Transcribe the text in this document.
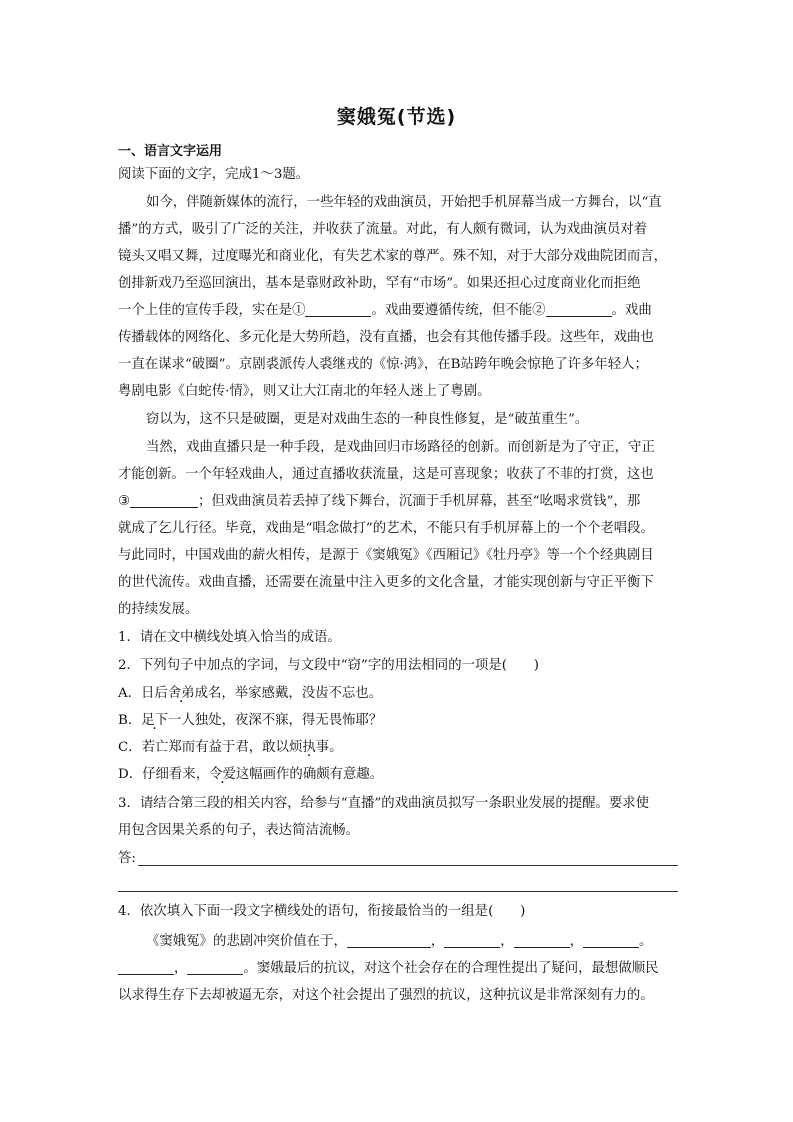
窦娥冤(节选)
一、语言文字运用
阅读下面的文字，完成1～3题。
如今，伴随新媒体的流行，一些年轻的戏曲演员，开始把手机屏幕当成一方舞台，以“直
播”的方式，吸引了广泛的关注，并收获了流量。对此，有人颇有微词，认为戏曲演员对着
镜头又唱又舞，过度曝光和商业化，有失艺术家的尊严。殊不知，对于大部分戏曲院团而言，
创排新戏乃至巡回演出，基本是靠财政补助，罕有“市场”。如果还担心过度商业化而拒绝
一个上佳的宣传手段，实在是①	。戏曲要遵循传统，但不能②	。戏曲
传播载体的网络化、多元化是大势所趋，没有直播，也会有其他传播手段。这些年，戏曲也
一直在谋求“破圈”。京剧裘派传人裘继戎的《惊·鸿》，在B站跨年晚会惊艳了许多年轻人；
粤剧电影《白蛇传·情》，则又让大江南北的年轻人迷上了粤剧。
窃以为，这不只是破圈，更是对戏曲生态的一种良性修复，是“破茧重生”。
当然，戏曲直播只是一种手段，是戏曲回归市场路径的创新。而创新是为了守正，守正
才能创新。一个年轻戏曲人，通过直播收获流量，这是可喜现象；收获了不菲的打赏，这也
③	；但戏曲演员若丢掉了线下舞台，沉湎于手机屏幕，甚至“吆喝求赏钱”，那
就成了乞儿行径。毕竟，戏曲是“唱念做打”的艺术，不能只有手机屏幕上的一个个老唱段。
与此同时，中国戏曲的薪火相传，是源于《窦娥冤》《西厢记》《牡丹亭》等一个个经典剧目
的世代流传。戏曲直播，还需要在流量中注入更多的文化含量，才能实现创新与守正平衡下
的持续发展。
1．请在文中横线处填入恰当的成语。
2．下列句子中加点的字词，与文段中“窃”字的用法相同的一项是(　　)
A．日后舍弟成名，举家感戴，没齿不忘也。
B．足下一人独处，夜深不寐，得无畏怖耶？
C．若亡郑而有益于君，敢以烦执事。
D．仔细看来，令爱这幅画作的确颇有意趣。
3．请结合第三段的相关内容，给参与“直播”的戏曲演员拟写一条职业发展的提醒。要求使
用包含因果关系的句子，表达简洁流畅。
答:
4．依次填入下面一段文字横线处的语句，衔接最恰当的一组是(　　)
《窦娥冤》的悲剧冲突价值在于，	，	，	，	。
，	。窦娥最后的抗议，对这个社会存在的合理性提出了疑问，最想做顺民
以求得生存下去却被逼无奈，对这个社会提出了强烈的抗议，这种抗议是非常深刻有力的。
